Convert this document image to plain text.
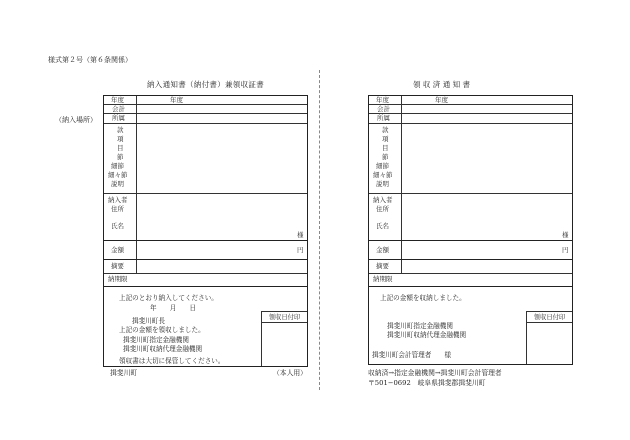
様式第２号（第６条関係）
（納入場所）
納入通知書（納付書）兼領収証書	領収済通知書
年度	年度
会計
所属
款
項
目
節
細節
細々節
説明
納入者
住所
氏名
様
金額	円
摘要
納期限
上記のとおり納入してください。
年　　月　　日
揖斐川町長
上記の金額を領収しました。
揖斐川町指定金融機関
揖斐川町収納代理金融機関
領収書は大切に保管してください。
領収日付印
揖斐川町	（本人用）
年度	年度
会計
所属
款
項
目
節
細節
細々節
説明
納入者
住所
氏名
様
金額	円
摘要
納期限
上記の金額を収納しました。
揖斐川町指定金融機関
揖斐川町収納代理金融機関
揖斐川町会計管理者　　様
領収日付印
収納済→指定金融機関→揖斐川町会計管理者
〒501−0692　岐阜県揖斐郡揖斐川町
